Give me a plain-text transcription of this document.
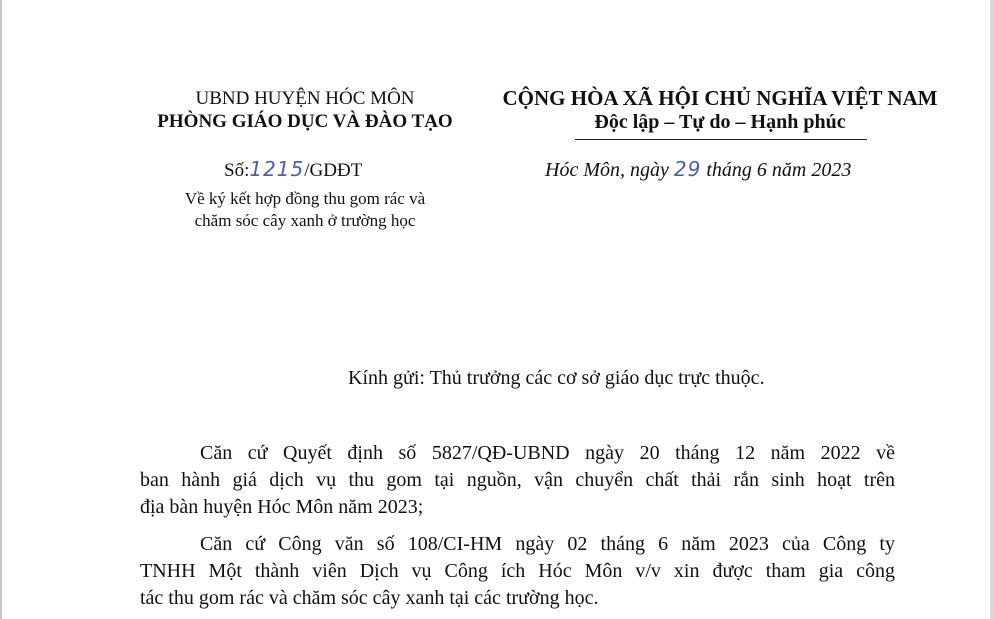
UBND HUYỆN HÓC MÔN
PHÒNG GIÁO DỤC VÀ ĐÀO TẠO
CỘNG HÒA XÃ HỘI CHỦ NGHĨA VIỆT NAM
Độc lập – Tự do – Hạnh phúc
Số:1215/GDĐT
Về ký kết hợp đồng thu gom rác và
chăm sóc cây xanh ở trường học
Hóc Môn, ngày 29 tháng 6 năm 2023
Kính gửi: Thủ trưởng các cơ sở giáo dục trực thuộc.
Căn cứ Quyết định số 5827/QĐ-UBND ngày 20 tháng 12 năm 2022 về
ban hành giá dịch vụ thu gom tại nguồn, vận chuyển chất thải rắn sinh hoạt trên
địa bàn huyện Hóc Môn năm 2023;
Căn cứ Công văn số 108/CI-HM ngày 02 tháng 6 năm 2023 của Công ty
TNHH Một thành viên Dịch vụ Công ích Hóc Môn v/v xin được tham gia công
tác thu gom rác và chăm sóc cây xanh tại các trường học.
